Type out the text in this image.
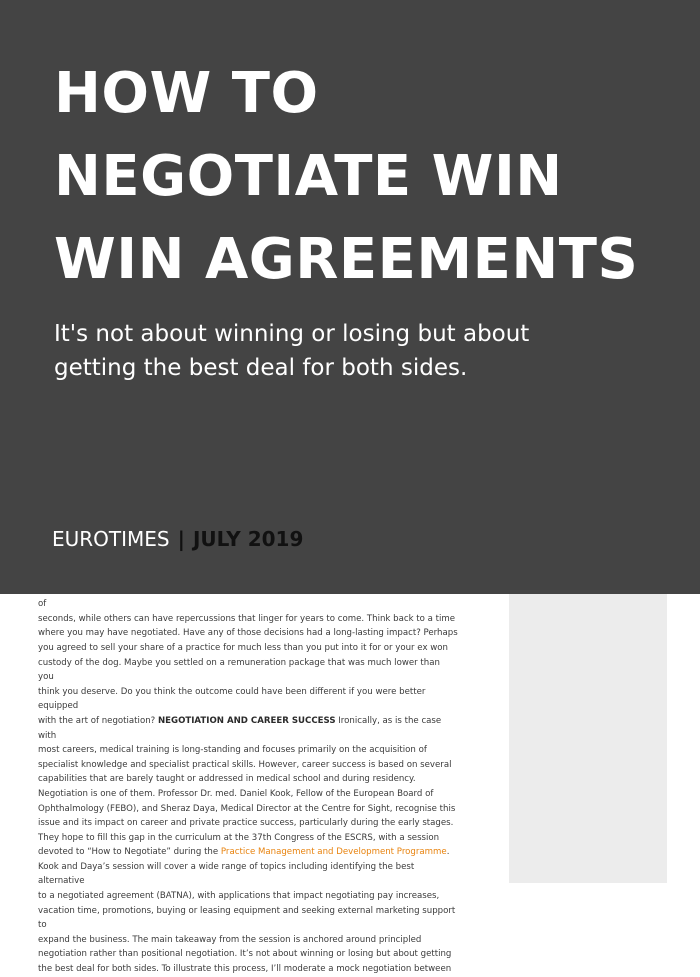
of

seconds, while others can have repercussions that linger for years to come. Think back to a time

where you may have negotiated. Have any of those decisions had a long-lasting impact? Perhaps

you agreed to sell your share of a practice for much less than you put into it for or your ex won

custody of the dog. Maybe you settled on a remuneration package that was much lower than you

think you deserve. Do you think the outcome could have been different if you were better equipped

with the art of negotiation? NEGOTIATION AND CAREER SUCCESS Ironically, as is the case with

most careers, medical training is long-standing and focuses primarily on the acquisition of

specialist knowledge and specialist practical skills. However, career success is based on several

capabilities that are barely taught or addressed in medical school and during residency.

Negotiation is one of them. Professor Dr. med. Daniel Kook, Fellow of the European Board of

Ophthalmology (FEBO), and Sheraz Daya, Medical Director at the Centre for Sight, recognise this

issue and its impact on career and private practice success, particularly during the early stages.

They hope to fill this gap in the curriculum at the 37th Congress of the ESCRS, with a session

devoted to “How to Negotiate” during the Practice Management and Development Programme.

Kook and Daya’s session will cover a wide range of topics including identifying the best alternative

to a negotiated agreement (BATNA), with applications that impact negotiating pay increases,

vacation time, promotions, buying or leasing equipment and seeking external marketing support to

expand the business. The main takeaway from the session is anchored around principled

negotiation rather than positional negotiation. It’s not about winning or losing but about getting

the best deal for both sides. To illustrate this process, I’ll moderate a mock negotiation between

HOW TO
NEGOTIATE WIN
WIN AGREEMENTS
It's not about winning or losing but about
getting the best deal for both sides.
EUROTIMES | JULY 2019
